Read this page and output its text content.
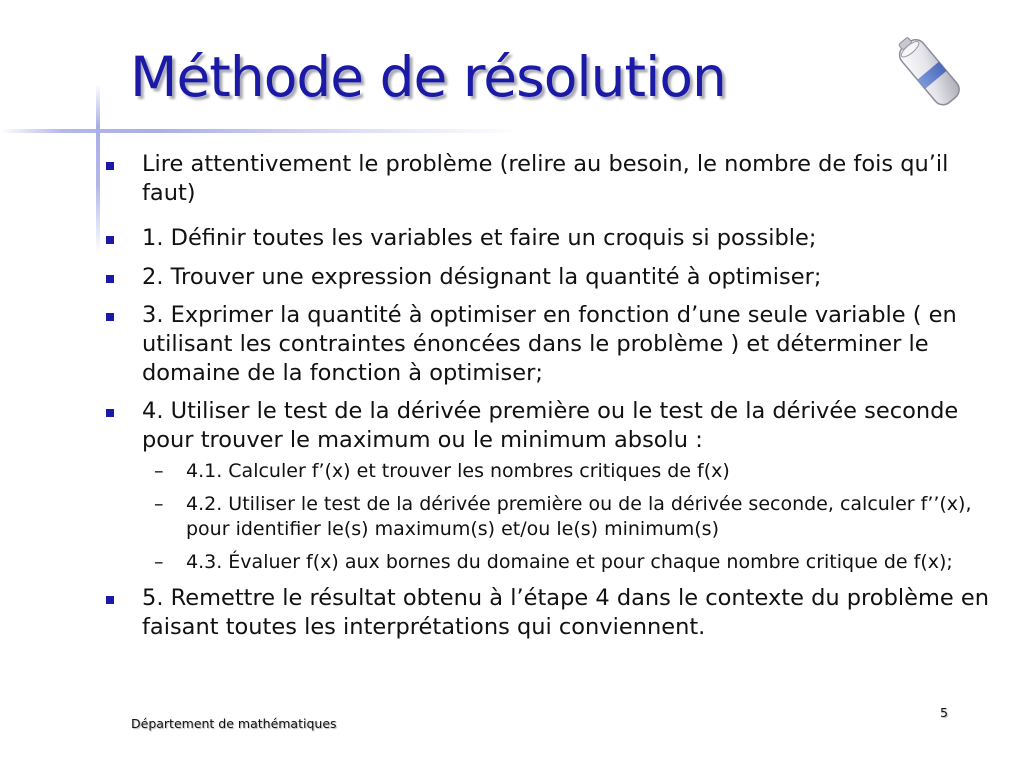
Méthode de résolution
Lire attentivement le problème (relire au besoin, le nombre de fois qu’il faut)
1. Définir toutes les variables et faire un croquis si possible;
2. Trouver une expression désignant la quantité à optimiser;
3. Exprimer la quantité à optimiser en fonction d’une seule variable ( en utilisant les contraintes énoncées dans le problème ) et déterminer le domaine de la fonction à optimiser;
4. Utiliser le test de la dérivée première ou le test de la dérivée seconde pour trouver le maximum ou le minimum absolu :
– 4.1. Calculer f’(x) et trouver les nombres critiques de f(x)
– 4.2. Utiliser le test de la dérivée première ou de la dérivée seconde, calculer f’’(x), pour identifier le(s) maximum(s) et/ou le(s) minimum(s)
– 4.3. Évaluer f(x) aux bornes du domaine et pour chaque nombre critique de f(x);
5. Remettre le résultat obtenu à l’étape 4 dans le contexte du problème en faisant toutes les interprétations qui conviennent.
Département de mathématiques
5
